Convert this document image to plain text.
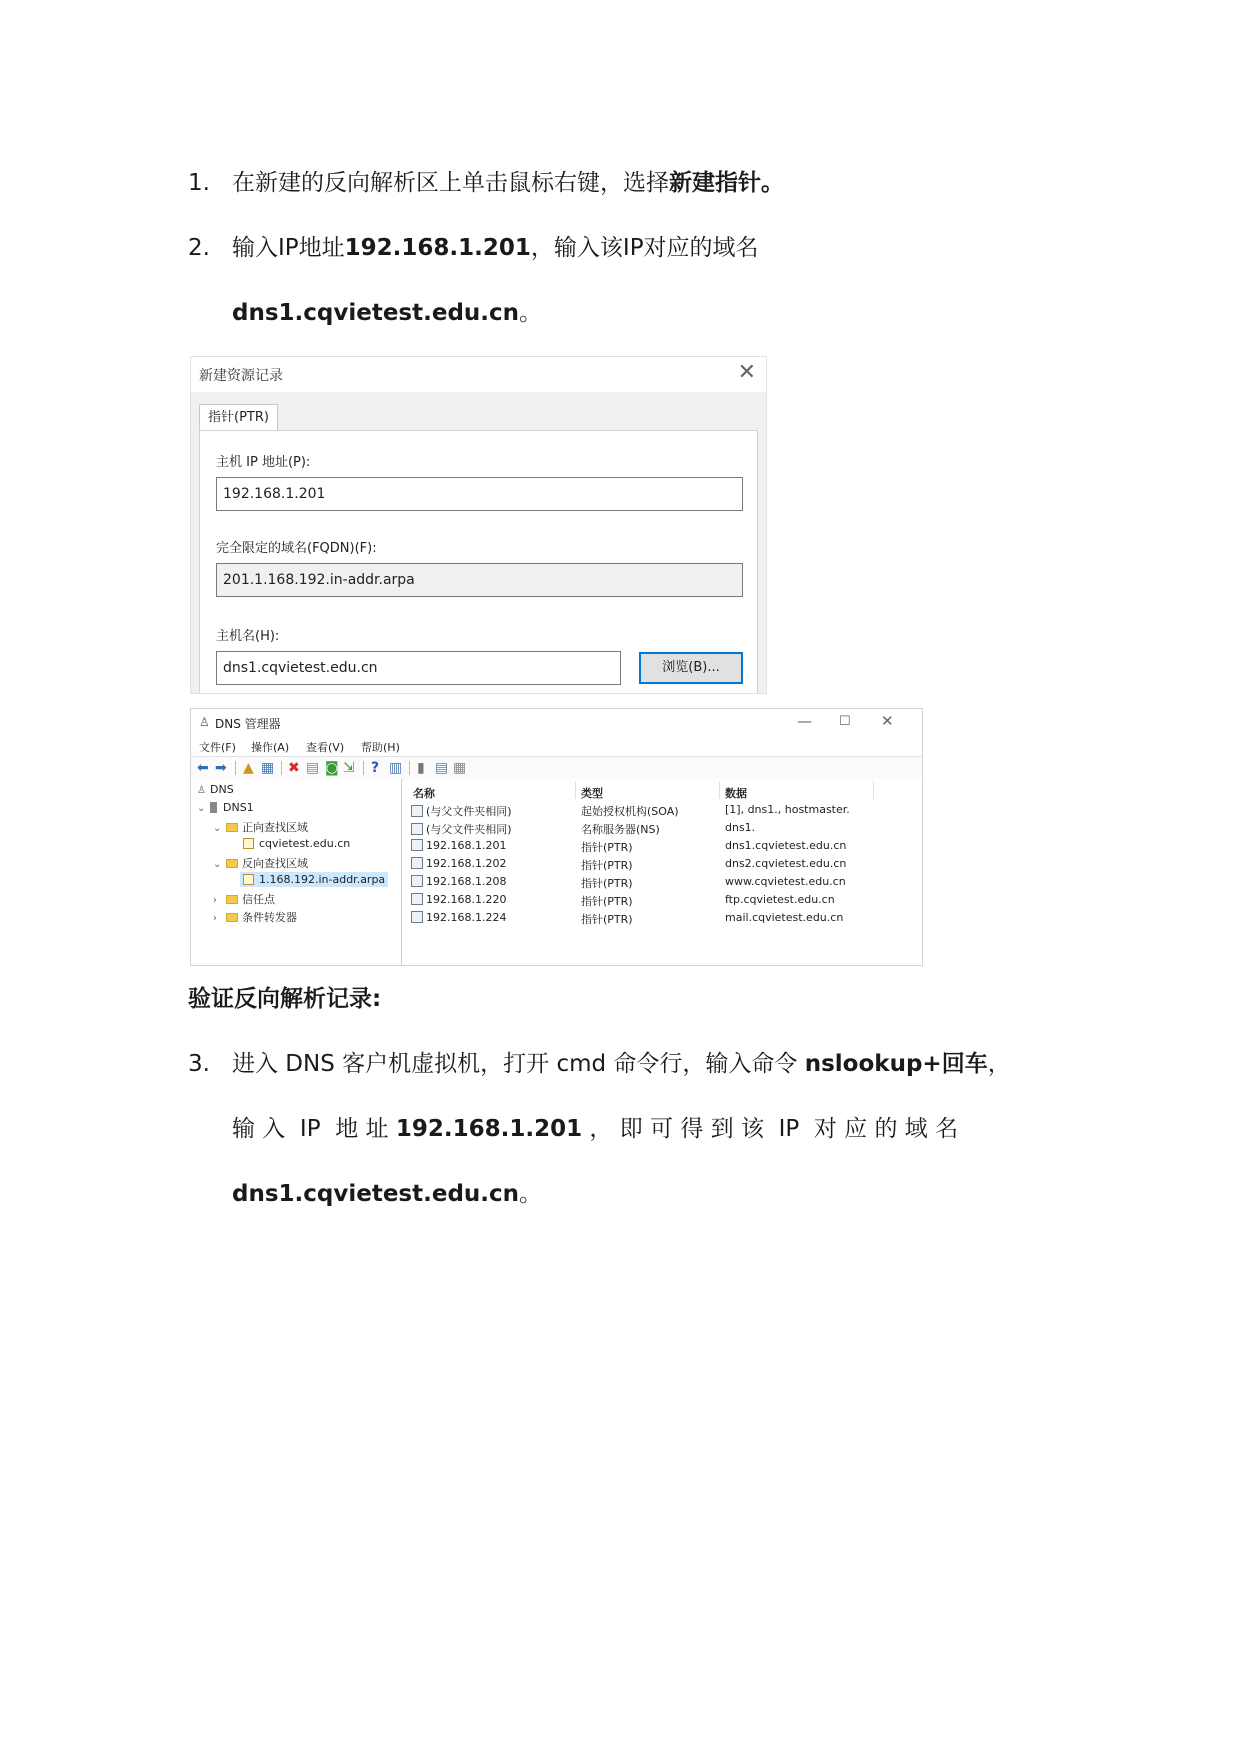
1. 在新建的反向解析区上单击鼠标右键，选择新建指针。
2. 输入IP地址192.168.1.201，输入该IP对应的域名
dns1.cqvietest.edu.cn。
新建资源记录	✕
指针(PTR)
主机 IP 地址(P):
192.168.1.201
完全限定的域名(FQDN)(F):
201.1.168.192.in-addr.arpa
主机名(H):
dns1.cqvietest.edu.cn	浏览(B)...
♙ DNS 管理器	— ☐ ✕
文件(F) 操作(A) 查看(V) 帮助(H)
⬅ ➡ ▲ ▦ ✖ ▤ ◙ ⇲ ? ▥ ▮ ▤ ▦
♙ DNS
⌄ DNS1
⌄ 正向查找区域
cqvietest.edu.cn
⌄ 反向查找区域
1.168.192.in-addr.arpa
› 信任点
› 条件转发器
名称	类型	数据
(与父文件夹相同)	起始授权机构(SOA)	[1], dns1., hostmaster.
(与父文件夹相同)	名称服务器(NS)	dns1.
192.168.1.201	指针(PTR)	dns1.cqvietest.edu.cn
192.168.1.202	指针(PTR)	dns2.cqvietest.edu.cn
192.168.1.208	指针(PTR)	www.cqvietest.edu.cn
192.168.1.220	指针(PTR)	ftp.cqvietest.edu.cn
192.168.1.224	指针(PTR)	mail.cqvietest.edu.cn
验证反向解析记录:
3. 进入 DNS 客户机虚拟机，打开 cmd 命令行，输入命令 nslookup+回车，
输 入  IP  地 址 192.168.1.201 ， 即 可 得 到 该  IP  对 应 的 域 名
dns1.cqvietest.edu.cn。
